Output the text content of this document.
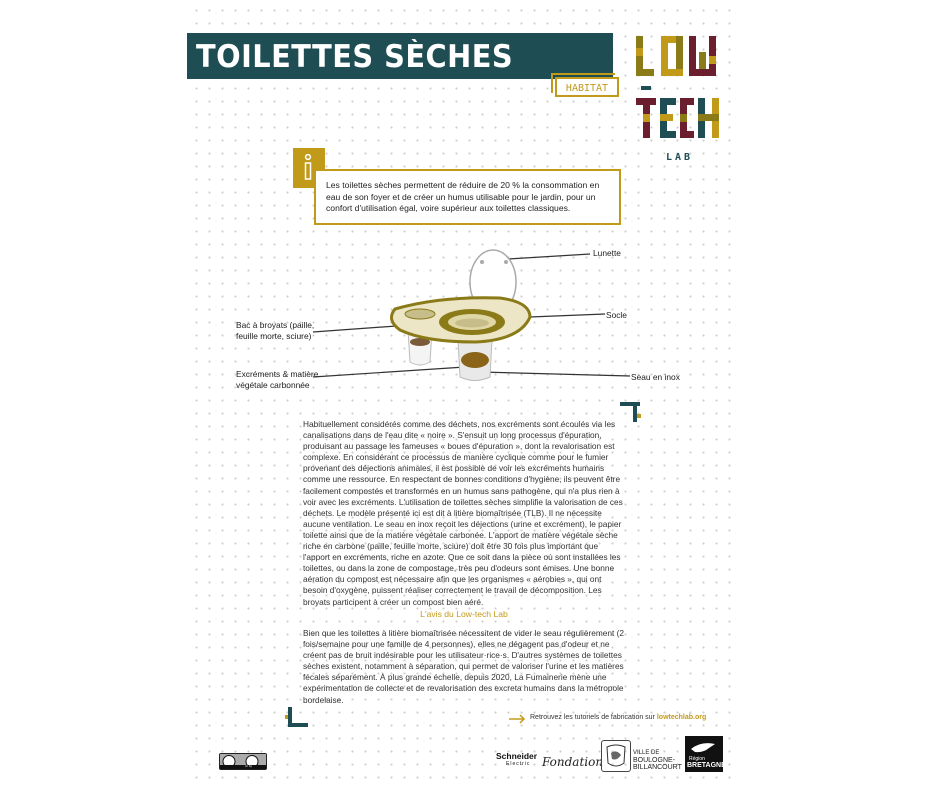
TOILETTES SÈCHES
HABITAT
LAB
Les toilettes sèches permettent de réduire de 20 % la consommation en eau de son foyer et de créer un humus utilisable pour le jardin, pour un confort d'utilisation égal, voire supérieur aux toilettes classiques.
Lunette
Socle
Seau en inox
Bac à broyats (paille, feuille morte, sciure)
Excréments & matière végétale carbonnée
Habituellement considérés comme des déchets, nos excréments sont écoulés via les canalisations dans de l'eau dite « noire ». S'ensuit un long processus d'épuration, produisant au passage les fameuses « boues d'épuration », dont la revalorisation est complexe. En considérant ce processus de manière cyclique comme pour le fumier provenant des déjections animales, il est possible de voir les excréments humains comme une ressource. En respectant de bonnes conditions d'hygiène, ils peuvent être facilement compostés et transformés en un humus sans pathogène, qui n'a plus rien à voir avec les excréments. L'utilisation de toilettes sèches simplifie la valorisation de ces déchets. Le modèle présenté ici est dit à litière biomaîtrisée (TLB). Il ne nécessite aucune ventilation. Le seau en inox reçoit les déjections (urine et excrément), le papier toilette ainsi que de la matière végétale carbonée. L'apport de matière végétale sèche riche en carbone (paille, feuille morte, sciure) doit être 30 fois plus important que l'apport en excréments, riche en azote. Que ce soit dans la pièce où sont installées les toilettes, ou dans la zone de compostage, très peu d'odeurs sont émises. Une bonne aération du compost est nécessaire afin que les organismes « aérobies », qui ont besoin d'oxygène, puissent réaliser correctement le travail de décomposition. Les broyats participent à créer un compost bien aéré.
L'avis du Low-tech Lab
Bien que les toilettes à litière biomaîtrisée nécessitent de vider le seau régulièrement (2 fois/semaine pour une famille de 4 personnes), elles ne dégagent pas d'odeur et ne créent pas de bruit indésirable pour les utilisateur·rice·s. D'autres systèmes de toilettes sèches existent, notamment à séparation, qui permet de valoriser l'urine et les matières fécales séparément. À plus grande échelle, depuis 2020, La Fumainerie mène une expérimentation de collecte et de revalorisation des excreta humains dans la métropole bordelaise.
Retrouvez les tutoriels de fabrication sur lowtechlab.org
cc by
Schneider
Electric Fondation
VILLE DE
BOULOGNE-
BILLANCOURT
Région
BRETAGNE
